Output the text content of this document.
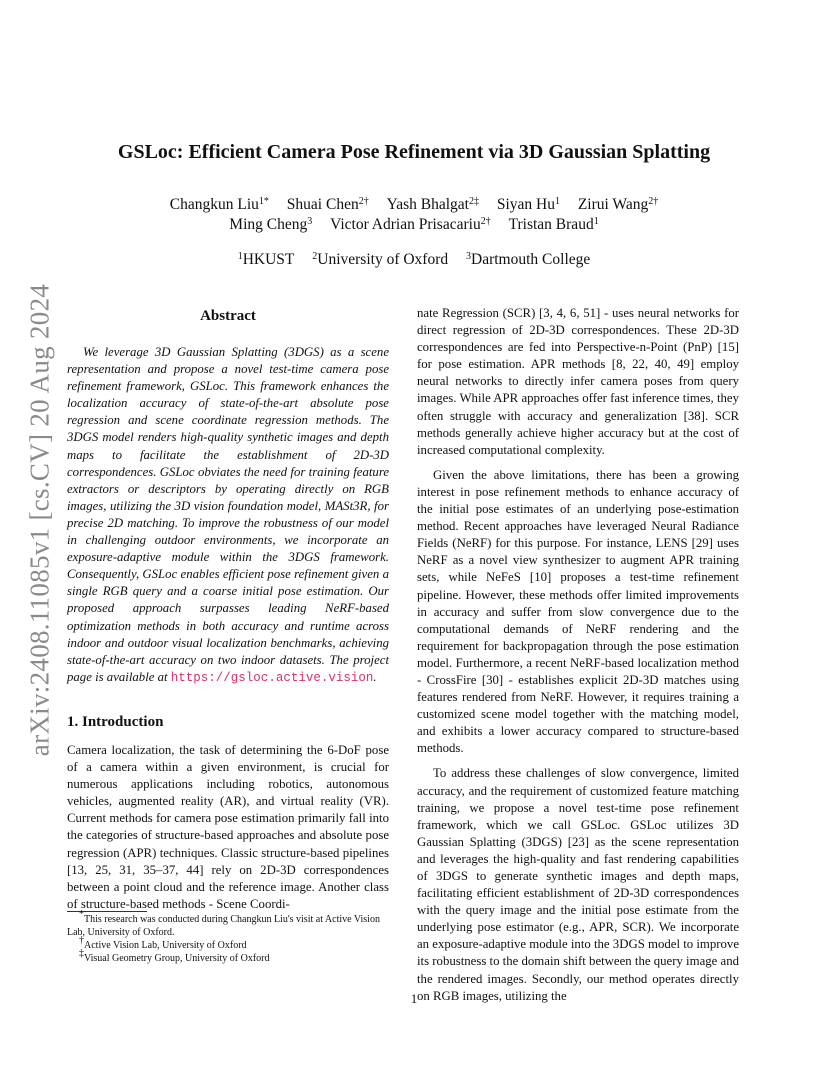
arXiv:2408.11085v1 [cs.CV] 20 Aug 2024
GSLoc: Efficient Camera Pose Refinement via 3D Gaussian Splatting
Changkun Liu$^{1*}$ Shuai Chen$^{2\dagger}$ Yash Bhalgat$^{2\ddagger}$ Siyan Hu$^1$ Zirui Wang$^{2\dagger}$
Ming Cheng$^3$ Victor Adrian Prisacariu$^{2\dagger}$ Tristan Braud$^1$
$^1$HKUST $^2$University of Oxford $^3$Dartmouth College
Abstract

We leverage 3D Gaussian Splatting (3DGS) as a scene representation and propose a novel test-time camera pose refinement framework, GSLoc. This framework enhances the localization accuracy of state-of-the-art absolute pose regression and scene coordinate regression methods. The 3DGS model renders high-quality synthetic images and depth maps to facilitate the establishment of 2D-3D correspondences. GSLoc obviates the need for training feature extractors or descriptors by operating directly on RGB images, utilizing the 3D vision foundation model, MASt3R, for precise 2D matching. To improve the robustness of our model in challenging outdoor environments, we incorporate an exposure-adaptive module within the 3DGS framework. Consequently, GSLoc enables efficient pose refinement given a single RGB query and a coarse initial pose estimation. Our proposed approach surpasses leading NeRF-based optimization methods in both accuracy and runtime across indoor and outdoor visual localization benchmarks, achieving state-of-the-art accuracy on two indoor datasets. The project page is available at https://gsloc.active.vision.

1. Introduction

Camera localization, the task of determining the 6-DoF pose of a camera within a given environment, is crucial for numerous applications including robotics, autonomous vehicles, augmented reality (AR), and virtual reality (VR). Current methods for camera pose estimation primarily fall into the categories of structure-based approaches and absolute pose regression (APR) techniques. Classic structure-based pipelines [13, 25, 31, 35–37, 44] rely on 2D-3D correspondences between a point cloud and the reference image. Another class of structure-based methods - Scene Coordi-

nate Regression (SCR) [3, 4, 6, 51] - uses neural networks for direct regression of 2D-3D correspondences. These 2D-3D correspondences are fed into Perspective-n-Point (PnP) [15] for pose estimation. APR methods [8, 22, 40, 49] employ neural networks to directly infer camera poses from query images. While APR approaches offer fast inference times, they often struggle with accuracy and generalization [38]. SCR methods generally achieve higher accuracy but at the cost of increased computational complexity.

Given the above limitations, there has been a growing interest in pose refinement methods to enhance accuracy of the initial pose estimates of an underlying pose-estimation method. Recent approaches have leveraged Neural Radiance Fields (NeRF) for this purpose. For instance, LENS [29] uses NeRF as a novel view synthesizer to augment APR training sets, while NeFeS [10] proposes a test-time refinement pipeline. However, these methods offer limited improvements in accuracy and suffer from slow convergence due to the computational demands of NeRF rendering and the requirement for backpropagation through the pose estimation model. Furthermore, a recent NeRF-based localization method - CrossFire [30] - establishes explicit 2D-3D matches using features rendered from NeRF. However, it requires training a customized scene model together with the matching model, and exhibits a lower accuracy compared to structure-based methods.

To address these challenges of slow convergence, limited accuracy, and the requirement of customized feature matching training, we propose a novel test-time pose refinement framework, which we call GSLoc. GSLoc utilizes 3D Gaussian Splatting (3DGS) [23] as the scene representation and leverages the high-quality and fast rendering capabilities of 3DGS to generate synthetic images and depth maps, facilitating efficient establishment of 2D-3D correspondences with the query image and the initial pose estimate from the underlying pose estimator (e.g., APR, SCR). We incorporate an exposure-adaptive module into the 3DGS model to improve its robustness to the domain shift between the query image and the rendered images. Secondly, our method operates directly on RGB images, utilizing the

*This research was conducted during Changkun Liu's visit at Active Vision Lab, University of Oxford.
†Active Vision Lab, University of Oxford
‡Visual Geometry Group, University of Oxford
1
